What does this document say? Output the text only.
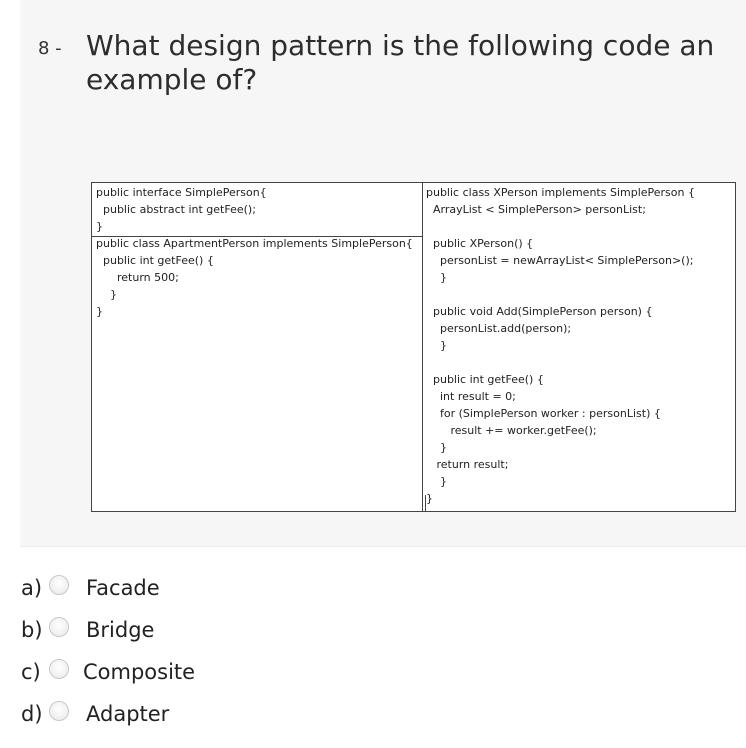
8 - What design pattern is the following code an example of?
public interface SimplePerson{
public abstract int getFee();
}
public class ApartmentPerson implements SimplePerson{
public int getFee() {
return 500;
}
}
public class XPerson implements SimplePerson {
ArrayList < SimplePerson> personList;
public XPerson() {
personList = newArrayList< SimplePerson>();
}
public void Add(SimplePerson person) {
personList.add(person);
}
public int getFee() {
int result = 0;
for (SimplePerson worker : personList) {
result += worker.getFee();
}
return result;
}
}
a) Facade
b) Bridge
c) Composite
d) Adapter
